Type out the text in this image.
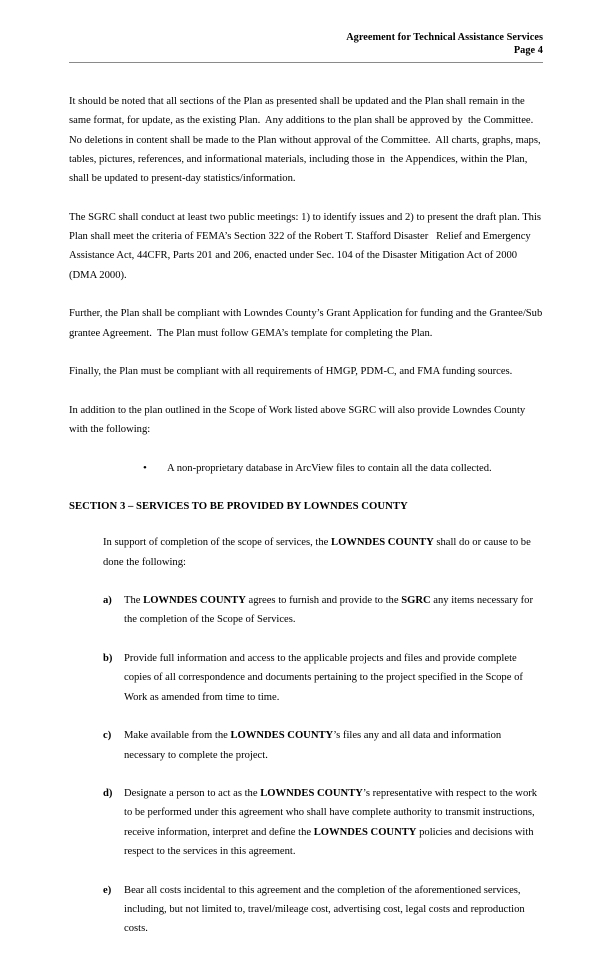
Agreement for Technical Assistance Services
Page 4

It should be noted that all sections of the Plan as presented shall be updated and the Plan shall remain in the same format, for update, as the existing Plan.  Any additions to the plan shall be approved by  the Committee.  No deletions in content shall be made to the Plan without approval of the Committee.  All charts, graphs, maps, tables, pictures, references, and informational materials, including those in  the Appendices, within the Plan, shall be updated to present-day statistics/information.

The SGRC shall conduct at least two public meetings: 1) to identify issues and 2) to present the draft plan. This Plan shall meet the criteria of FEMA’s Section 322 of the Robert T. Stafford Disaster   Relief and Emergency Assistance Act, 44CFR, Parts 201 and 206, enacted under Sec. 104 of the Disaster Mitigation Act of 2000 (DMA 2000).

Further, the Plan shall be compliant with Lowndes County’s Grant Application for funding and the Grantee/Sub grantee Agreement.  The Plan must follow GEMA’s template for completing the Plan.

Finally, the Plan must be compliant with all requirements of HMGP, PDM-C, and FMA funding sources.

In addition to the plan outlined in the Scope of Work listed above SGRC will also provide Lowndes County with the following:

• A non-proprietary database in ArcView files to contain all the data collected.
SECTION 3 – SERVICES TO BE PROVIDED BY LOWNDES COUNTY

In support of completion of the scope of services, the LOWNDES COUNTY shall do or cause to be done the following:

a) The LOWNDES COUNTY agrees to furnish and provide to the SGRC any items necessary for the completion of the Scope of Services.
b) Provide full information and access to the applicable projects and files and provide complete copies of all correspondence and documents pertaining to the project specified in the Scope of Work as amended from time to time.
c) Make available from the LOWNDES COUNTY’s files any and all data and information necessary to complete the project.
d) Designate a person to act as the LOWNDES COUNTY’s representative with respect to the work to be performed under this agreement who shall have complete authority to transmit instructions, receive information, interpret and define the LOWNDES COUNTY policies and decisions with respect to the services in this agreement.
e) Bear all costs incidental to this agreement and the completion of the aforementioned services, including, but not limited to, travel/mileage cost, advertising cost, legal costs and reproduction costs.
